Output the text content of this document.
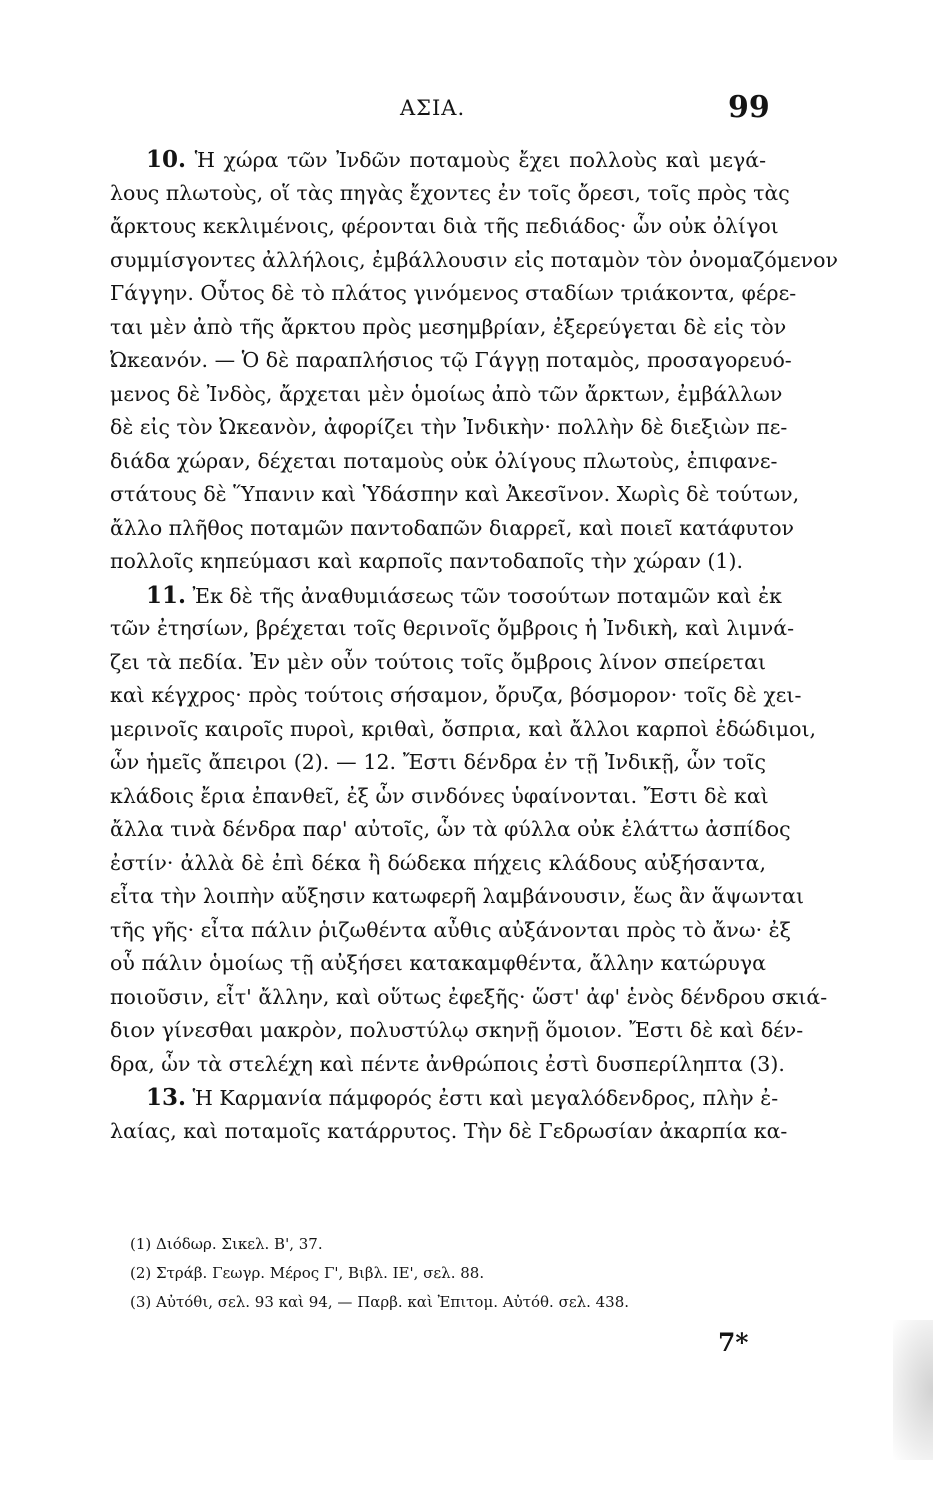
ΑΣΙΑ.	99
10. Ἡ χώρα τῶν Ἰνδῶν ποταμοὺς ἔχει πολλοὺς καὶ μεγά-
λους πλωτοὺς, οἵ τὰς πηγὰς ἔχοντες ἐν τοῖς ὄρεσι, τοῖς πρὸς τὰς
ἄρκτους κεκλιμένοις, φέρονται διὰ τῆς πεδιάδος· ὧν οὐκ ὀλίγοι
συμμίσγοντες ἀλλήλοις, ἐμβάλλουσιν εἰς ποταμὸν τὸν ὀνομαζόμενον
Γάγγην. Οὗτος δὲ τὸ πλάτος γινόμενος σταδίων τριάκοντα, φέρε-
ται μὲν ἀπὸ τῆς ἄρκτου πρὸς μεσημβρίαν, ἐξερεύγεται δὲ εἰς τὸν
Ὠκεανόν. — Ὁ δὲ παραπλήσιος τῷ Γάγγῃ ποταμὸς, προσαγορευό-
μενος δὲ Ἰνδὸς, ἄρχεται μὲν ὁμοίως ἀπὸ τῶν ἄρκτων, ἐμβάλλων
δὲ εἰς τὸν Ὠκεανὸν, ἀφορίζει τὴν Ἰνδικὴν· πολλὴν δὲ διεξιὼν πε-
διάδα χώραν, δέχεται ποταμοὺς οὐκ ὀλίγους πλωτοὺς, ἐπιφανε-
στάτους δὲ Ὕπανιν καὶ Ὑδάσπην καὶ Ἀκεσῖνον. Χωρὶς δὲ τούτων,
ἄλλο πλῆθος ποταμῶν παντοδαπῶν διαρρεῖ, καὶ ποιεῖ κατάφυτον
πολλοῖς κηπεύμασι καὶ καρποῖς παντοδαποῖς τὴν χώραν (1).
11. Ἐκ δὲ τῆς ἀναθυμιάσεως τῶν τοσούτων ποταμῶν καὶ ἐκ
τῶν ἐτησίων, βρέχεται τοῖς θερινοῖς ὄμβροις ἡ Ἰνδικὴ, καὶ λιμνά-
ζει τὰ πεδία. Ἐν μὲν οὖν τούτοις τοῖς ὄμβροις λίνον σπείρεται
καὶ κέγχρος· πρὸς τούτοις σήσαμον, ὄρυζα, βόσμορον· τοῖς δὲ χει-
μερινοῖς καιροῖς πυροὶ, κριθαὶ, ὄσπρια, καὶ ἄλλοι καρποὶ ἐδώδιμοι,
ὧν ἡμεῖς ἄπειροι (2). — 12. Ἔστι δένδρα ἐν τῇ Ἰνδικῇ, ὧν τοῖς
κλάδοις ἔρια ἐπανθεῖ, ἐξ ὧν σινδόνες ὑφαίνονται. Ἔστι δὲ καὶ
ἄλλα τινὰ δένδρα παρ' αὐτοῖς, ὧν τὰ φύλλα οὐκ ἐλάττω ἀσπίδος
ἐστίν· ἀλλὰ δὲ ἐπὶ δέκα ἢ δώδεκα πήχεις κλάδους αὐξήσαντα,
εἶτα τὴν λοιπὴν αὔξησιν κατωφερῆ λαμβάνουσιν, ἕως ἂν ἅψωνται
τῆς γῆς· εἶτα πάλιν ῥιζωθέντα αὖθις αὐξάνονται πρὸς τὸ ἄνω· ἐξ
οὗ πάλιν ὁμοίως τῇ αὐξήσει κατακαμφθέντα, ἄλλην κατώρυγα
ποιοῦσιν, εἶτ' ἄλλην, καὶ οὕτως ἐφεξῆς· ὥστ' ἀφ' ἑνὸς δένδρου σκιά-
διον γίνεσθαι μακρὸν, πολυστύλῳ σκηνῇ ὅμοιον. Ἔστι δὲ καὶ δέν-
δρα, ὧν τὰ στελέχη καὶ πέντε ἀνθρώποις ἐστὶ δυσπερίληπτα (3).
13. Ἡ Καρμανία πάμφορός ἐστι καὶ μεγαλόδενδρος, πλὴν ἐ-
λαίας, καὶ ποταμοῖς κατάρρυτος. Τὴν δὲ Γεδρωσίαν ἀκαρπία κα-
(1) Διόδωρ. Σικελ. Β', 37.
(2) Στράβ. Γεωγρ. Μέρος Γ', Βιβλ. ΙΕ', σελ. 88.
(3) Αὐτόθι, σελ. 93 καὶ 94, — Παρβ. καὶ Ἐπιτομ. Αὐτόθ. σελ. 438.
7*
